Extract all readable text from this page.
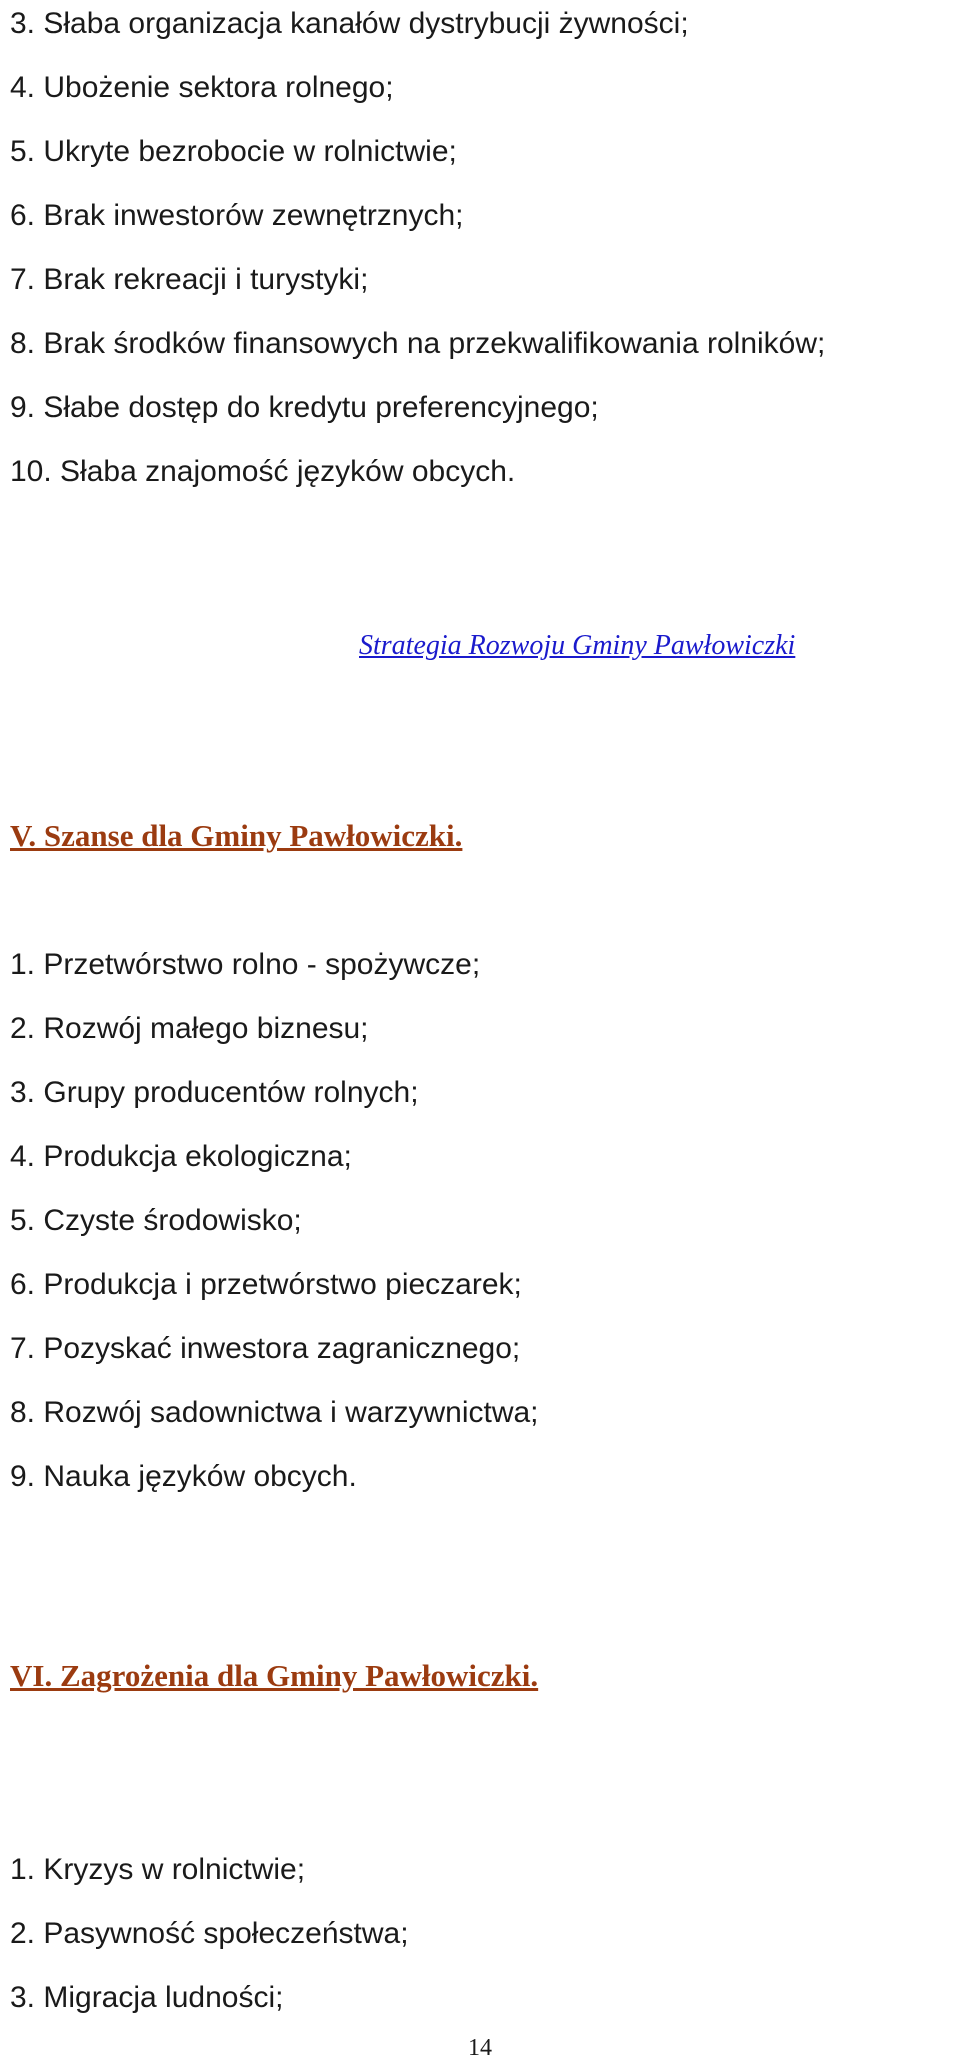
3. Słaba organizacja kanałów dystrybucji żywności;
4. Ubożenie sektora rolnego;
5. Ukryte bezrobocie w rolnictwie;
6. Brak inwestorów zewnętrznych;
7. Brak rekreacji i turystyki;
8. Brak środków finansowych na przekwalifikowania rolników;
9. Słabe dostęp do kredytu preferencyjnego;
10. Słaba znajomość języków obcych.
Strategia Rozwoju Gminy Pawłowiczki
V. Szanse dla Gminy Pawłowiczki.
1. Przetwórstwo rolno - spożywcze;
2. Rozwój małego biznesu;
3. Grupy producentów rolnych;
4. Produkcja ekologiczna;
5. Czyste środowisko;
6. Produkcja i przetwórstwo pieczarek;
7. Pozyskać inwestora zagranicznego;
8. Rozwój sadownictwa i warzywnictwa;
9. Nauka języków obcych.
VI. Zagrożenia dla Gminy Pawłowiczki.
1. Kryzys w rolnictwie;
2. Pasywność społeczeństwa;
3. Migracja ludności;
14
